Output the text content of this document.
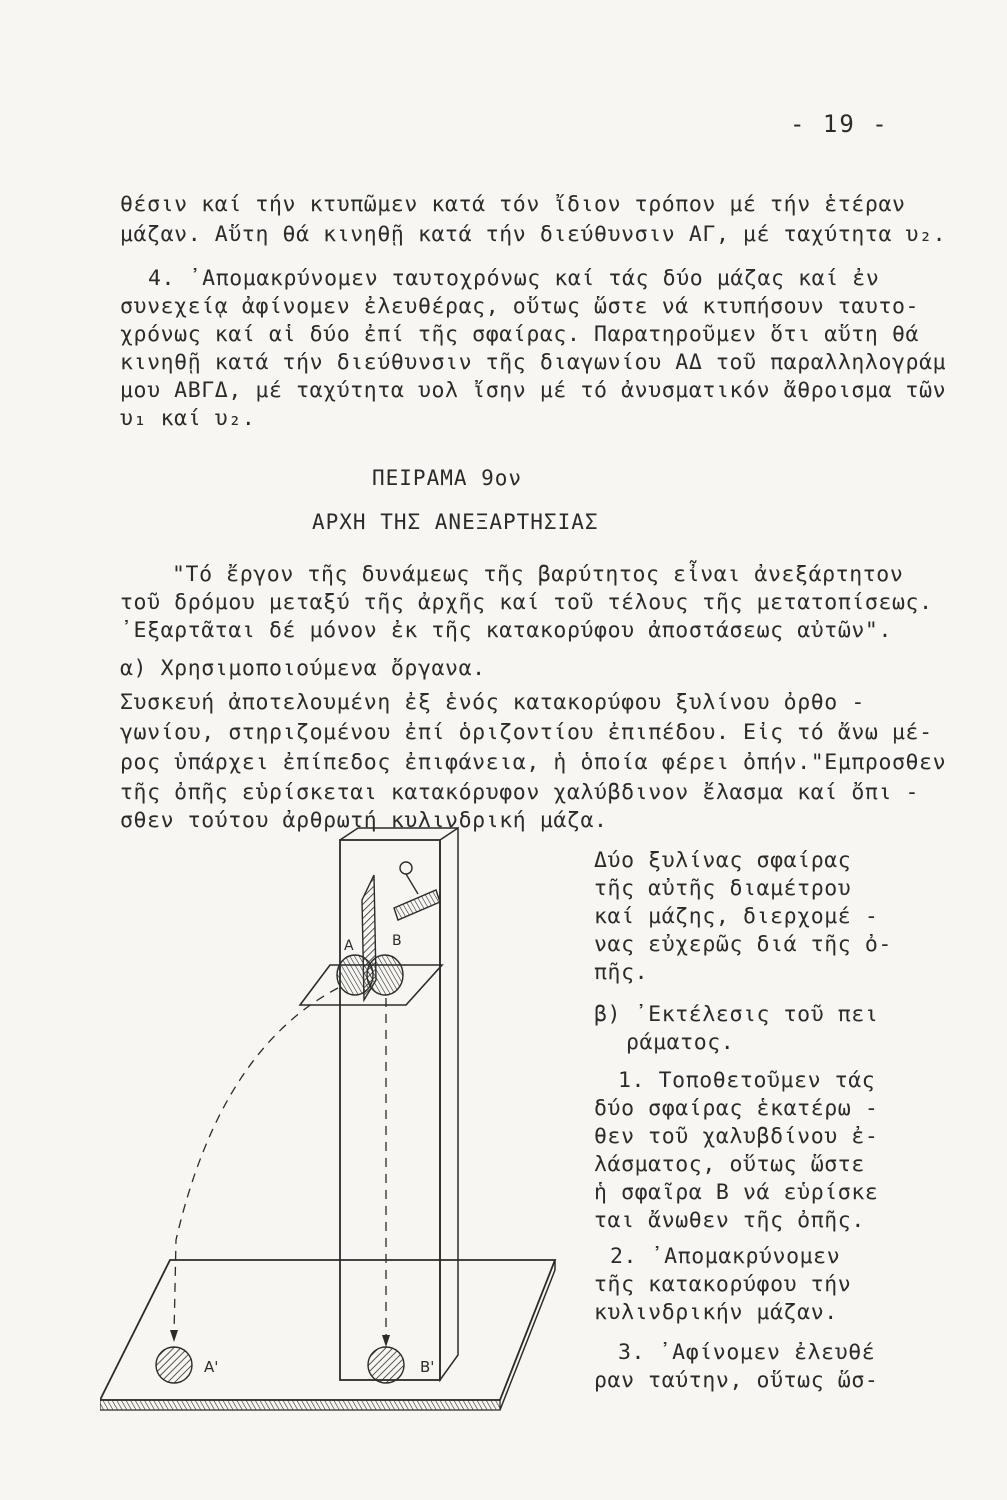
- 19 -
θέσιν καί τήν κτυπῶμεν κατά τόν ἴδιον τρόπον μέ τήν ἑτέραν
μάζαν. Αὕτη θά κινηθῇ κατά τήν διεύθυνσιν ΑΓ, μέ ταχύτητα υ₂.
4. ᾿Απομακρύνομεν ταυτοχρόνως καί τάς δύο μάζας καί ἐν
συνεχείᾳ ἀφίνομεν ἐλευθέρας, οὕτως ὥστε νά κτυπήσουν ταυτο-
χρόνως καί αἱ δύο ἐπί τῆς σφαίρας. Παρατηροῦμεν ὅτι αὕτη θά
κινηθῇ κατά τήν διεύθυνσιν τῆς διαγωνίου ΑΔ τοῦ παραλληλογράμ
μου ΑΒΓΔ, μέ ταχύτητα υολ ἴσην μέ τό ἀνυσματικόν ἄθροισμα τῶν
υ₁ καί υ₂.
ΠΕΙΡΑΜΑ 9ον
ΑΡΧΗ ΤΗΣ ΑΝΕΞΑΡΤΗΣΙΑΣ
"Τό ἔργον τῆς δυνάμεως τῆς βαρύτητος εἶναι ἀνεξάρτητον
τοῦ δρόμου μεταξύ τῆς ἀρχῆς καί τοῦ τέλους τῆς μετατοπίσεως.
᾿Εξαρτᾶται δέ μόνον ἐκ τῆς κατακορύφου ἀποστάσεως αὐτῶν".
α) Χρησιμοποιούμενα ὄργανα.
Συσκευή ἀποτελουμένη ἐξ ἑνός κατακορύφου ξυλίνου ὀρθο -
γωνίου, στηριζομένου ἐπί ὁριζοντίου ἐπιπέδου. Εἰς τό ἄνω μέ-
ρος ὑπάρχει ἐπίπεδος ἐπιφάνεια, ἡ ὁποία φέρει ὀπήν."Εμπροσθεν
τῆς ὀπῆς εὑρίσκεται κατακόρυφον χαλύβδινον ἔλασμα καί ὄπι -
σθεν τούτου ἀρθρωτή κυλινδρική μάζα.
Δύο ξυλίνας σφαίρας
τῆς αὐτῆς διαμέτρου
καί μάζης, διερχομέ -
νας εὐχερῶς διά τῆς ὀ-
πῆς.
β) ᾿Εκτέλεσις τοῦ πει
ράματος.
1. Τοποθετοῦμεν τάς
δύο σφαίρας ἑκατέρω -
θεν τοῦ χαλυβδίνου ἐ-
λάσματος, οὕτως ὥστε
ἡ σφαῖρα Β νά εὑρίσκε
ται ἄνωθεν τῆς ὀπῆς.
2. ᾿Απομακρύνομεν
τῆς κατακορύφου τήν
κυλινδρικήν μάζαν.
3. ᾿Αφίνομεν ἐλευθέ
ραν ταύτην, οὕτως ὥσ-
A	B
A'	B'
